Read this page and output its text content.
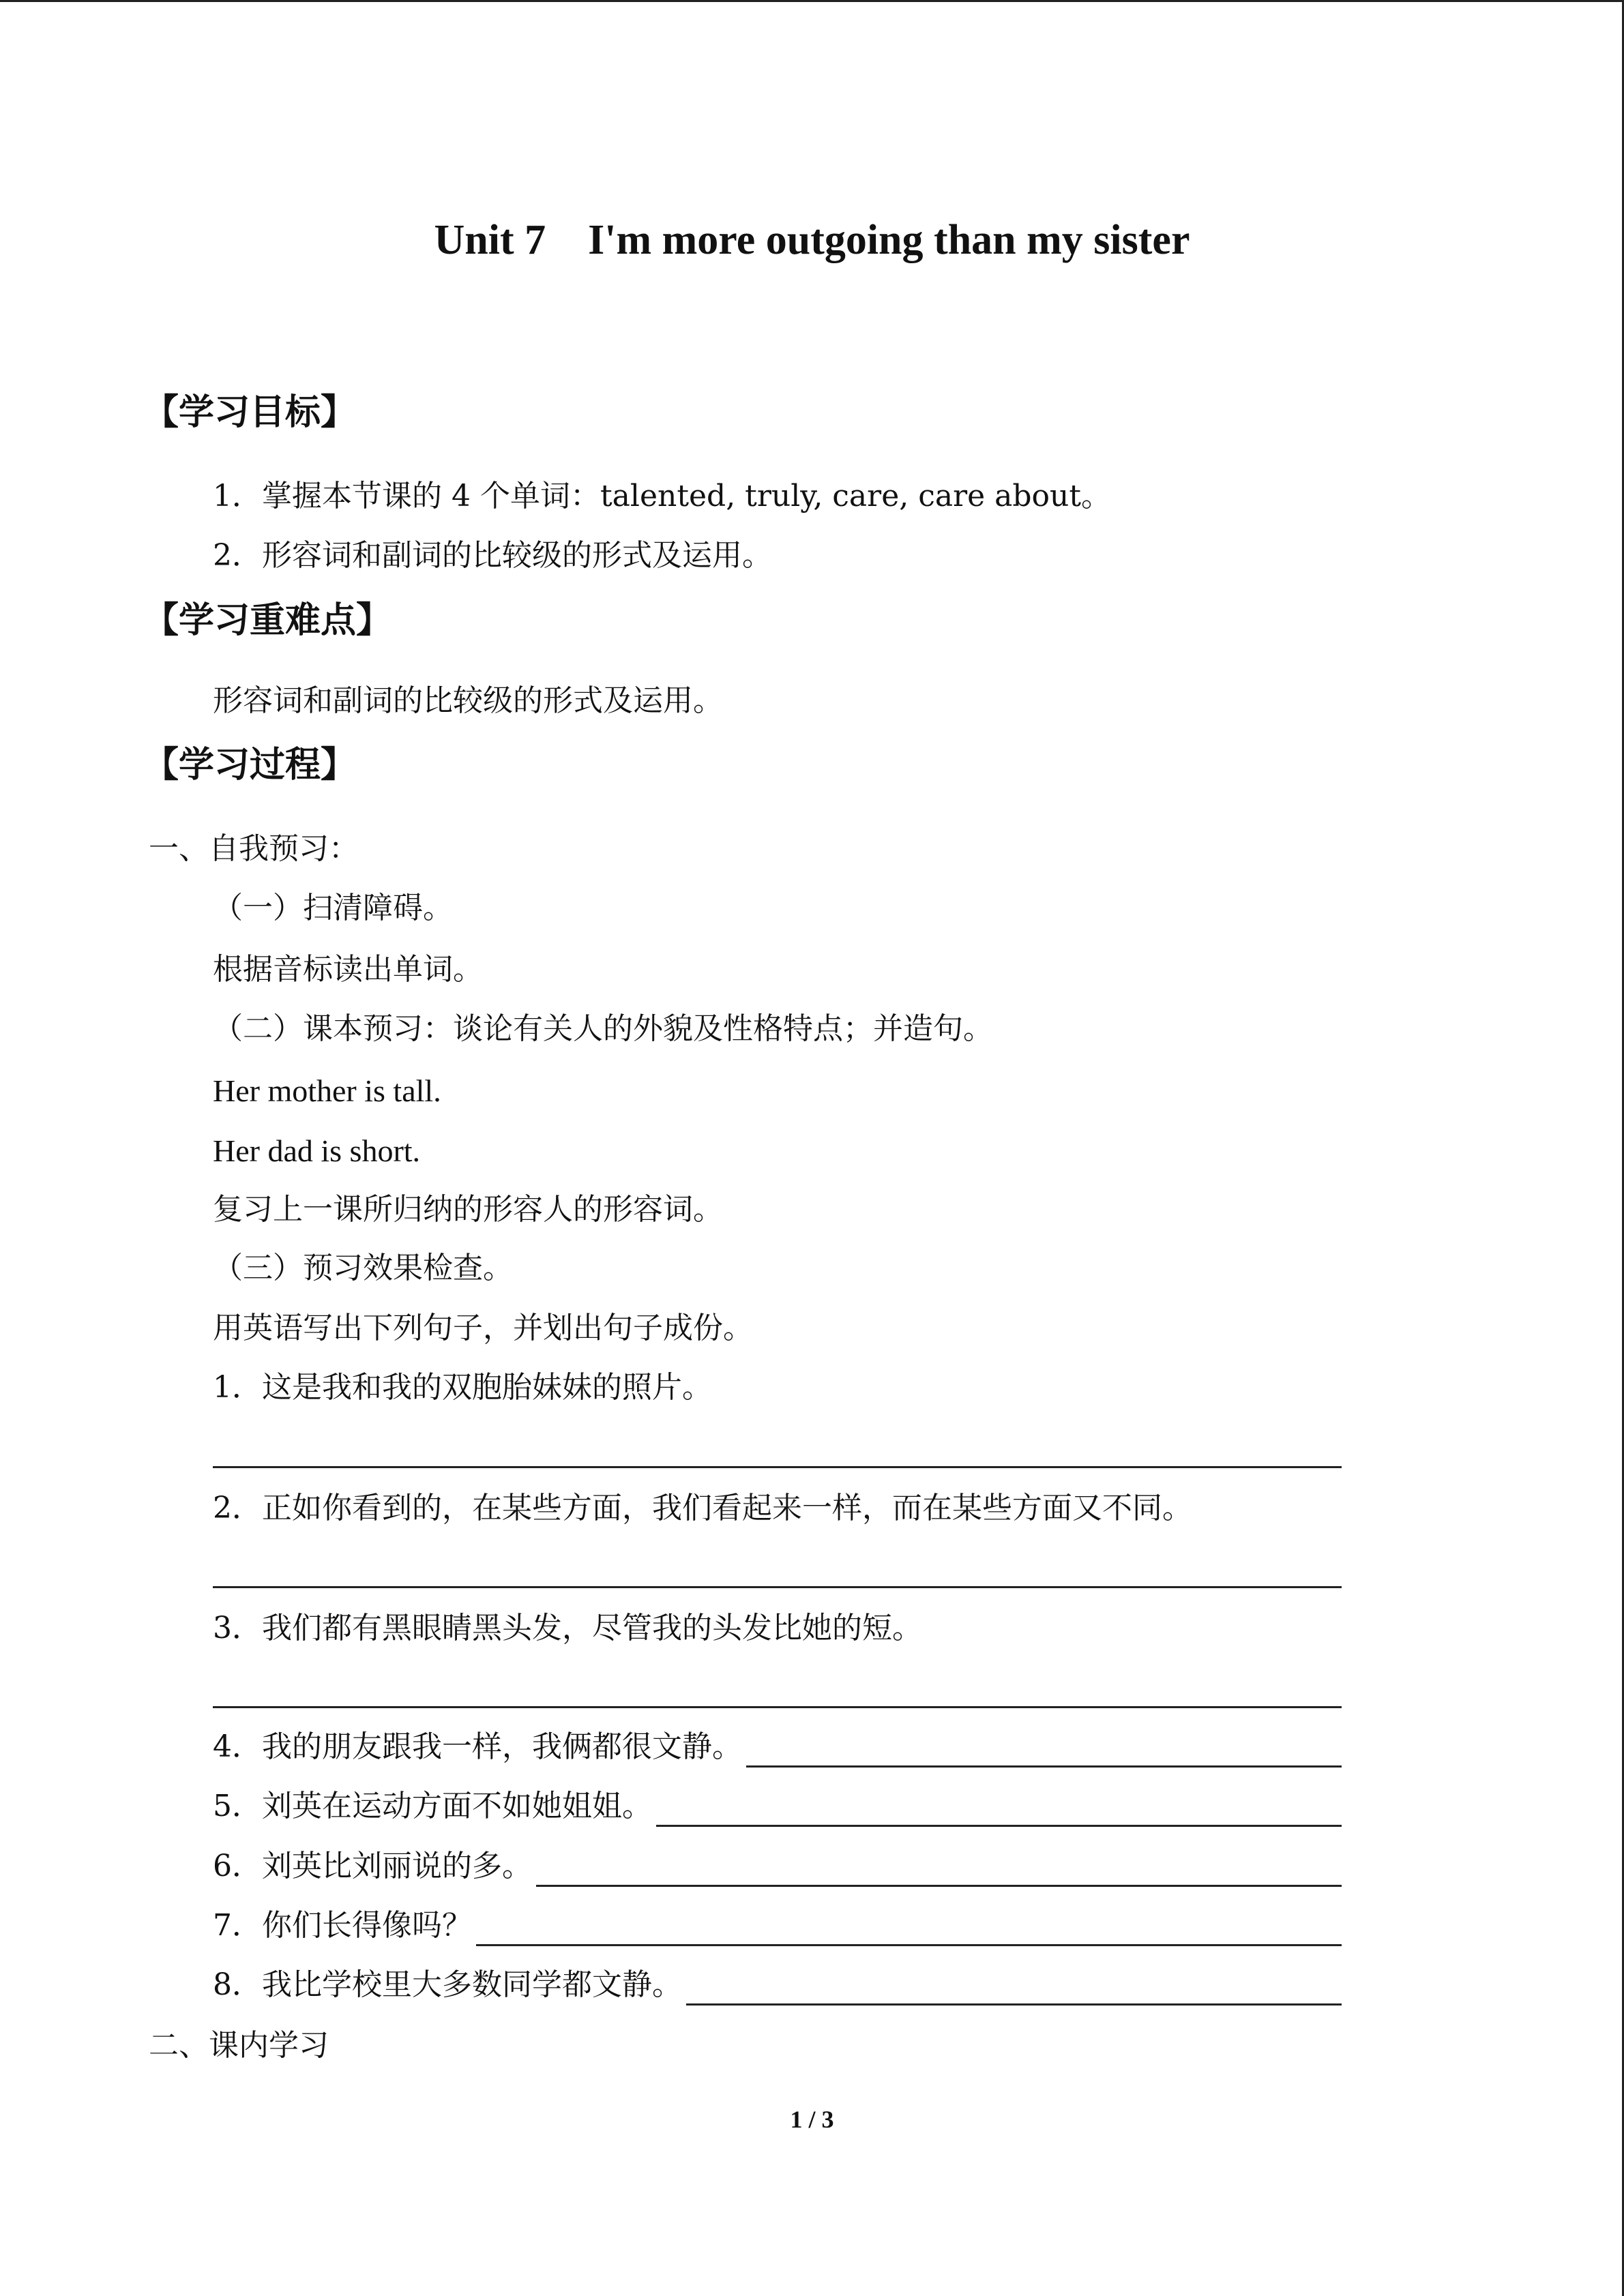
Unit 7    I'm more outgoing than my sister
【学习目标】
1．掌握本节课的 4 个单词：talented, truly, care, care about。
2．形容词和副词的比较级的形式及运用。
【学习重难点】
形容词和副词的比较级的形式及运用。
【学习过程】
一、自我预习：
（一）扫清障碍。
根据音标读出单词。
（二）课本预习：谈论有关人的外貌及性格特点；并造句。
Her mother is tall.
Her dad is short.
复习上一课所归纳的形容人的形容词。
（三）预习效果检查。
用英语写出下列句子，并划出句子成份。
1．这是我和我的双胞胎妹妹的照片。
2．正如你看到的，在某些方面，我们看起来一样，而在某些方面又不同。
3．我们都有黑眼睛黑头发，尽管我的头发比她的短。
4．我的朋友跟我一样，我俩都很文静。
5．刘英在运动方面不如她姐姐。
6．刘英比刘丽说的多。
7．你们长得像吗？
8．我比学校里大多数同学都文静。
二、课内学习
1 / 3
